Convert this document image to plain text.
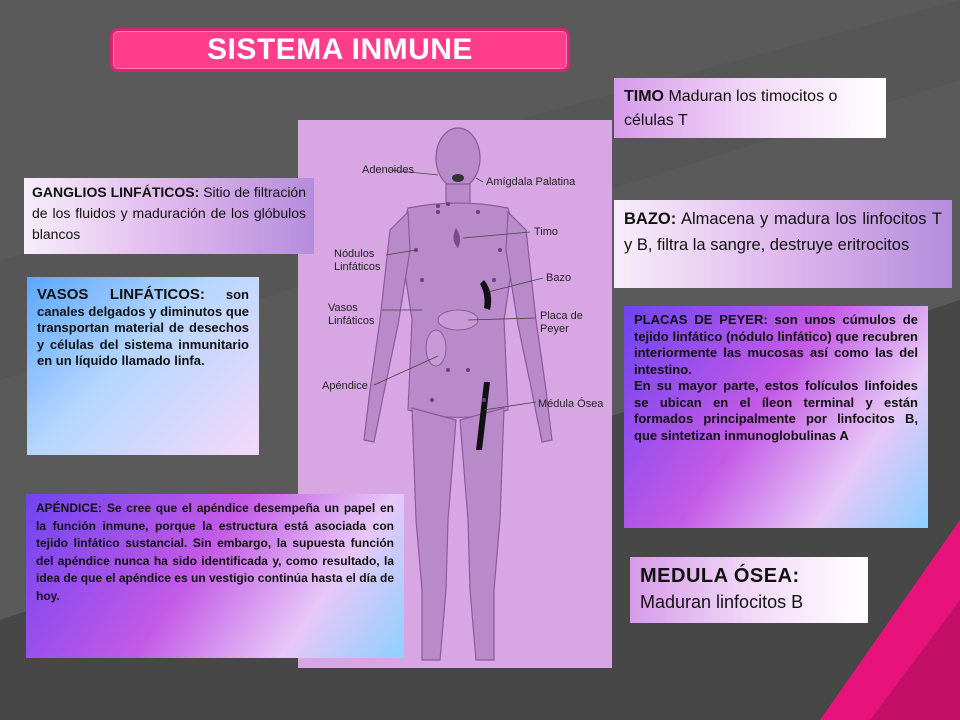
SISTEMA INMUNE
Adenoides
Amígdala Palatina
Timo
Nódulos
Linfáticos
Bazo
Vasos
Linfáticos	Placa de
Peyer
Apéndice
Médula Ósea
TIMO Maduran los timocitos o células T
GANGLIOS LINFÁTICOS: Sitio de filtración de los fluidos y maduración de los glóbulos blancos
BAZO: Almacena y madura los linfocitos T y B, filtra la sangre, destruye eritrocitos
VASOS LINFÁTICOS: son canales delgados y diminutos que transportan material de desechos y células del sistema inmunitario en un líquido llamado linfa.
PLACAS DE PEYER: son unos cúmulos de tejido linfático (nódulo linfático) que recubren interiormente las mucosas así como las del intestino.
En su mayor parte, estos folículos linfoides se ubican en el íleon terminal y están formados principalmente por linfocitos B, que sintetizan inmunoglobulinas A
APÉNDICE: Se cree que el apéndice desempeña un papel en la función inmune, porque la estructura está asociada con tejido linfático sustancial. Sin embargo, la supuesta función del apéndice nunca ha sido identificada y, como resultado, la idea de que el apéndice es un vestigio continúa hasta el día de hoy.
MEDULA ÓSEA:
Maduran linfocitos B
